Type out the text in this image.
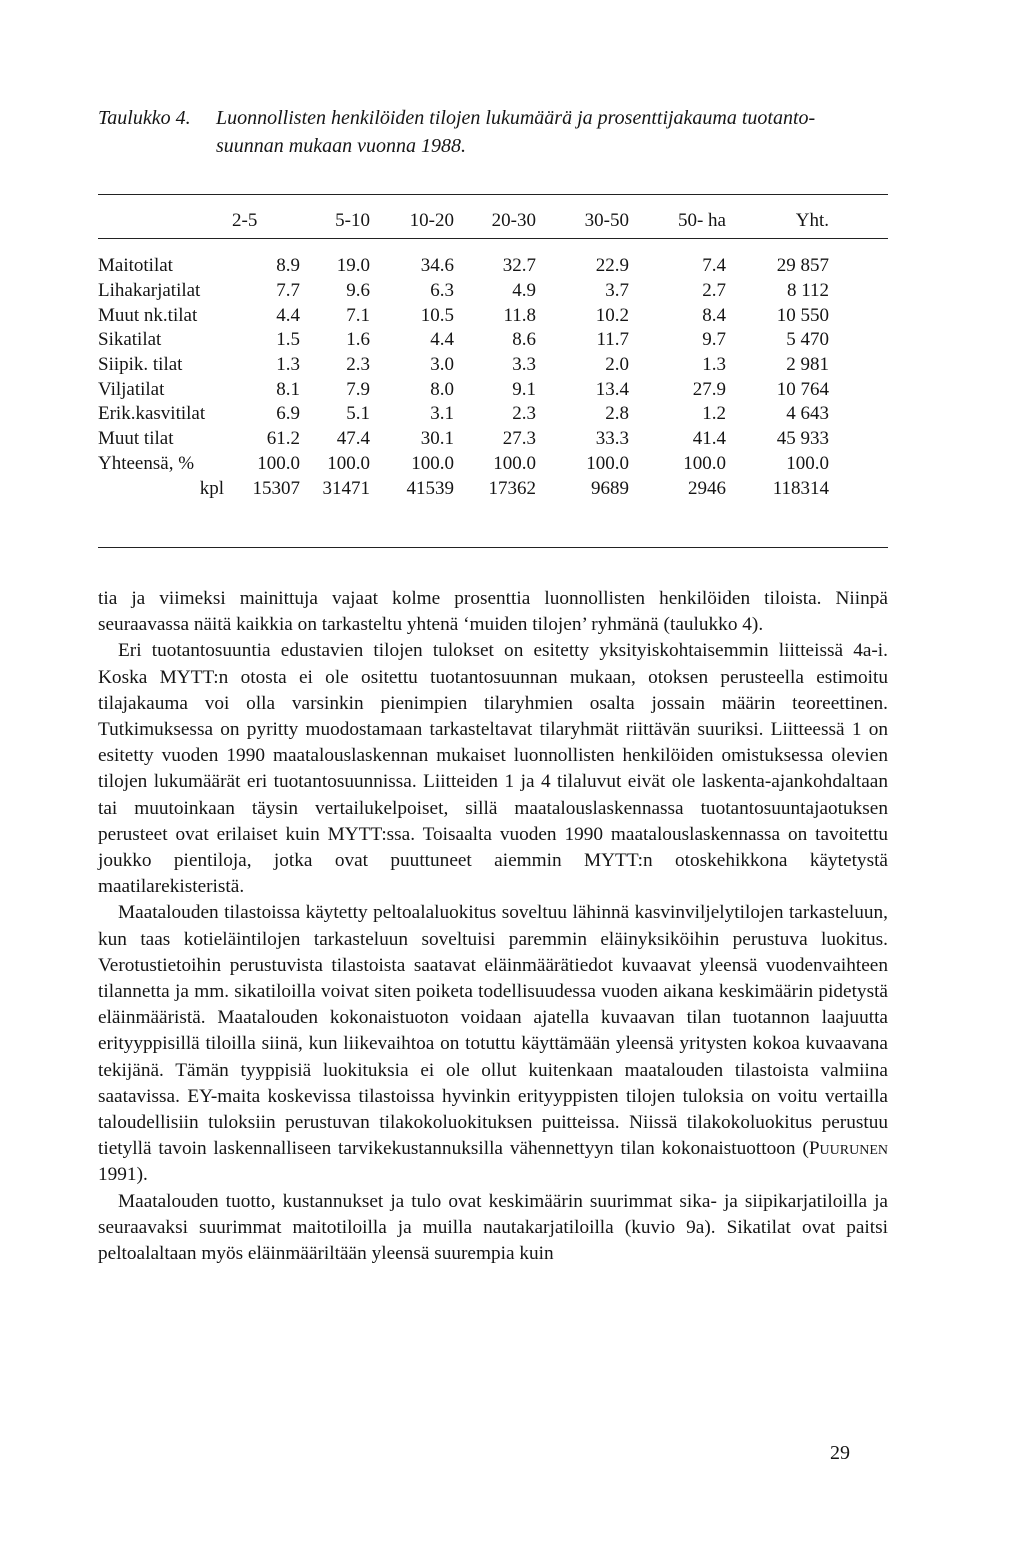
Taulukko 4. Luonnollisten henkilöiden tilojen lukumäärä ja prosenttijakauma tuotanto-
suunnan mukaan vuonna 1988.
	2-5	5-10	10-20	20-30	30-50	50- ha	Yht.	

Maitotilat	8.9	19.0	34.6	32.7	22.9	7.4	29 857	
Lihakarjatilat	7.7	9.6	6.3	4.9	3.7	2.7	8 112	
Muut nk.tilat	4.4	7.1	10.5	11.8	10.2	8.4	10 550	
Sikatilat	1.5	1.6	4.4	8.6	11.7	9.7	5 470	
Siipik. tilat	1.3	2.3	3.0	3.3	2.0	1.3	2 981	
Viljatilat	8.1	7.9	8.0	9.1	13.4	27.9	10 764	
Erik.kasvitilat	6.9	5.1	3.1	2.3	2.8	1.2	4 643	
Muut tilat	61.2	47.4	30.1	27.3	33.3	41.4	45 933	
Yhteensä, %	100.0	100.0	100.0	100.0	100.0	100.0	100.0	
kpl	15307	31471	41539	17362	9689	2946	118314	

tia ja viimeksi mainittuja vajaat kolme prosenttia luonnollisten henkilöiden tiloista. Niinpä seuraavassa näitä kaikkia on tarkasteltu yhtenä ‘muiden tilojen’ ryhmänä (taulukko 4).

Eri tuotantosuuntia edustavien tilojen tulokset on esitetty yksityiskohtaisemmin liitteissä 4a-i. Koska MYTT:n otosta ei ole ositettu tuotantosuunnan mukaan, otoksen perusteella estimoitu tilajakauma voi olla varsinkin pienimpien tilaryhmien osalta jossain määrin teoreettinen. Tutkimuksessa on pyritty muodostamaan tarkasteltavat tilaryhmät riittävän suuriksi. Liitteessä 1 on esitetty vuoden 1990 maatalouslaskennan mukaiset luonnollisten henkilöiden omistuksessa olevien tilojen lukumäärät eri tuotantosuunnissa. Liitteiden 1 ja 4 tilaluvut eivät ole laskenta-ajankohdaltaan tai muutoinkaan täysin vertailukelpoiset, sillä maatalouslaskennassa tuotantosuuntajaotuksen perusteet ovat erilaiset kuin MYTT:ssa. Toisaalta vuoden 1990 maatalouslaskennassa on tavoitettu joukko pientiloja, jotka ovat puuttuneet aiemmin MYTT:n otoskehikkona käytetystä maatilarekisteristä.

Maatalouden tilastoissa käytetty peltoalaluokitus soveltuu lähinnä kasvinviljelytilojen tarkasteluun, kun taas kotieläintilojen tarkasteluun soveltuisi paremmin eläinyksiköihin perustuva luokitus. Verotustietoihin perustuvista tilastoista saatavat eläinmäärätiedot kuvaavat yleensä vuodenvaihteen tilannetta ja mm. sikatiloilla voivat siten poiketa todellisuudessa vuoden aikana keskimäärin pidetystä eläinmääristä. Maatalouden kokonaistuoton voidaan ajatella kuvaavan tilan tuotannon laajuutta erityyppisillä tiloilla siinä, kun liikevaihtoa on totuttu käyttämään yleensä yritysten kokoa kuvaavana tekijänä. Tämän tyyppisiä luokituksia ei ole ollut kuitenkaan maatalouden tilastoista valmiina saatavissa. EY-maita koskevissa tilastoissa hyvinkin erityyppisten tilojen tuloksia on voitu vertailla taloudellisiin tuloksiin perustuvan tilakokoluokituksen puitteissa. Niissä tilakokoluokitus perustuu tietyllä tavoin laskennalliseen tarvikekustannuksilla vähennettyyn tilan kokonaistuottoon (Puurunen 1991).

Maatalouden tuotto, kustannukset ja tulo ovat keskimäärin suurimmat sika- ja siipikarjatiloilla ja seuraavaksi suurimmat maitotiloilla ja muilla nautakarjatiloilla (kuvio 9a). Sikatilat ovat paitsi peltoalaltaan myös eläinmääriltään yleensä suurempia kuin

29
